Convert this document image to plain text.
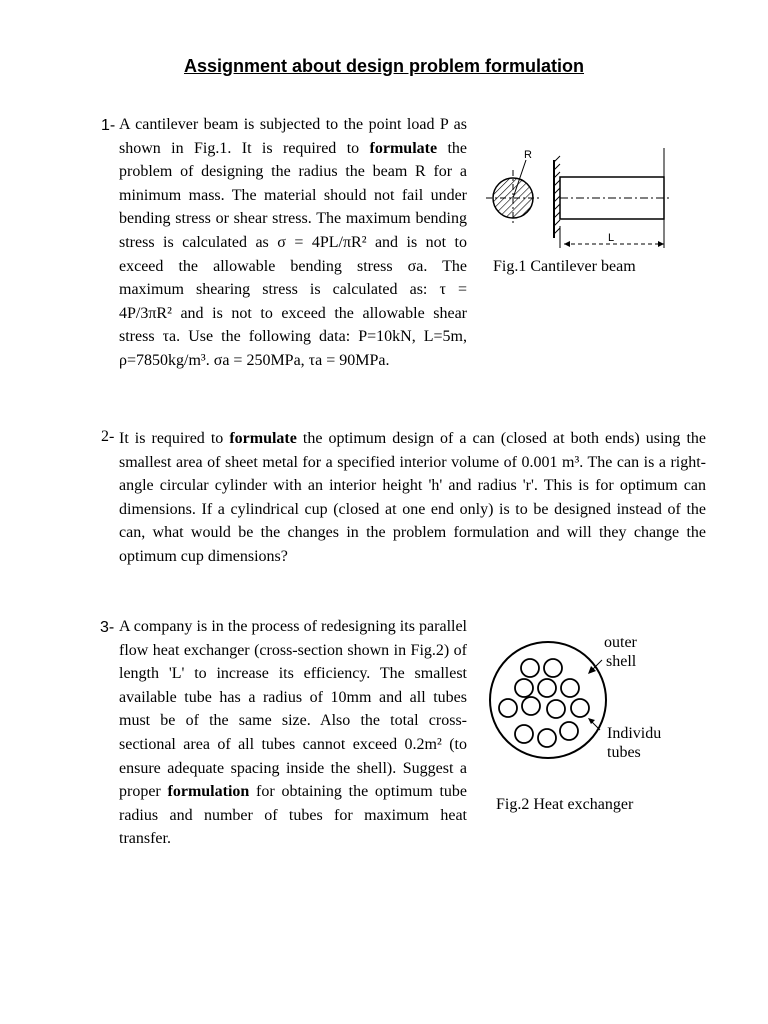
Assignment about design problem formulation
1- A cantilever beam is subjected to the point load P as shown in Fig.1. It is required to formulate the problem of designing the radius the beam R for a minimum mass. The material should not fail under bending stress or shear stress. The maximum bending stress is calculated as σ = 4PL/πR² and is not to exceed the allowable bending stress σa. The maximum shearing stress is calculated as: τ = 4P/3πR² and is not to exceed the allowable shear stress τa. Use the following data: P=10kN, L=5m, ρ=7850kg/m³. σa = 250MPa, τa = 90MPa.

R
L
Fig.1 Cantilever beam
2- It is required to formulate the optimum design of a can (closed at both ends) using the smallest area of sheet metal for a specified interior volume of 0.001 m³. The can is a right-angle circular cylinder with an interior height 'h' and radius 'r'. This is for optimum can dimensions. If a cylindrical cup (closed at one end only) is to be designed instead of the can, what would be the changes in the problem formulation and will they change the optimum cup dimensions?

3- A company is in the process of redesigning its parallel flow heat exchanger (cross-section shown in Fig.2) of length 'L' to increase its efficiency. The smallest available tube has a radius of 10mm and all tubes must be of the same size. Also the total cross-sectional area of all tubes cannot exceed 0.2m² (to ensure adequate spacing inside the shell). Suggest a proper formulation for obtaining the optimum tube radius and number of tubes for maximum heat transfer.

outer
shell
Individu
tubes
Fig.2 Heat exchanger
